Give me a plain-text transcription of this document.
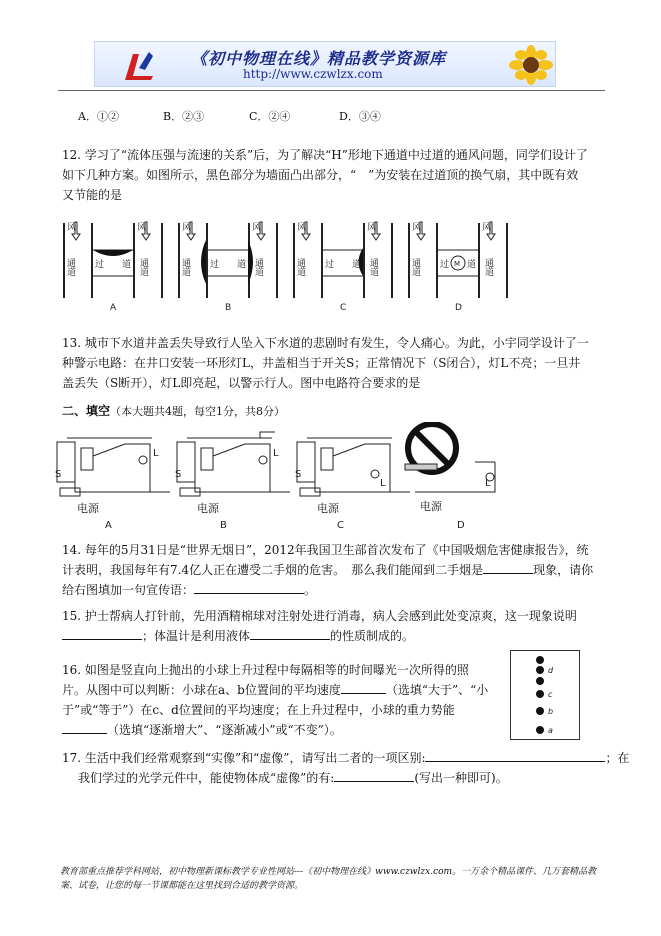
《初中物理在线》精品教学资源库
http://www.czwlzx.com
A．①②	B．②③	C．②④	D．③④
12. 学习了“流体压强与流速的关系”后，为了解决“H”形地下通道中过道的通风问题，同学们设计了如下几种方案。如图所示，黑色部分为墙面凸出部分，“　”为安装在过道顶的换气扇，其中既有效又节能的是
风	风	风	风	风	风	风	风
通道	通道	通道	通道	通道	通道	通道	通道
过道	过道	过道	过道
M
A	B	C	D
13. 城市下水道井盖丢失导致行人坠入下水道的悲剧时有发生，令人痛心。为此，小宇同学设计了一种警示电路：在井口安装一环形灯L，井盖相当于开关S；正常情况下（S闭合），灯L不亮；一旦井盖丢失（S断开），灯L即亮起，以警示行人。图中电路符合要求的是
二、填空（本大题共4题，每空1分，共8分）
S
L
S
L
S
L	L
电源	电源	电源	电源
A	B	C	D
14. 每年的5月31日是“世界无烟日”，2012年我国卫生部首次发布了《中国吸烟危害健康报告》，统计表明，我国每年有7.4亿人正在遭受二手烟的危害。　那么我们能闻到二手烟是	现象，请你给右图填加一句宣传语：	。
15. 护士帮病人打针前，先用酒精棉球对注射处进行消毒，病人会感到此处变凉爽，这一现象说明；体温计是利用液体	的性质制成的。
16. 如图是竖直向上抛出的小球上升过程中每隔相等的时间曝光一次所得的照片。从图中可以判断：小球在a、b位置间的平均速度	（选填“大于”、“小于”或“等于”）在c、d位置间的平均速度；在上升过程中，小球的重力势能（选填“逐渐增大”、“逐渐减小”或“不变”）。
d
c
b
a
17. 生活中我们经常观察到“实像”和“虚像”，请写出二者的一项区别:	；在
我们学过的光学元件中，能使物体成“虚像”的有:	(写出一种即可)。
教育部重点推荐学科网站，初中物理新课标教学专业性网站---《初中物理在线》www.czwlzx.com。一万余个精品课件、几万套精品教案、试卷，让您的每一节课都能在这里找到合适的教学资源。
